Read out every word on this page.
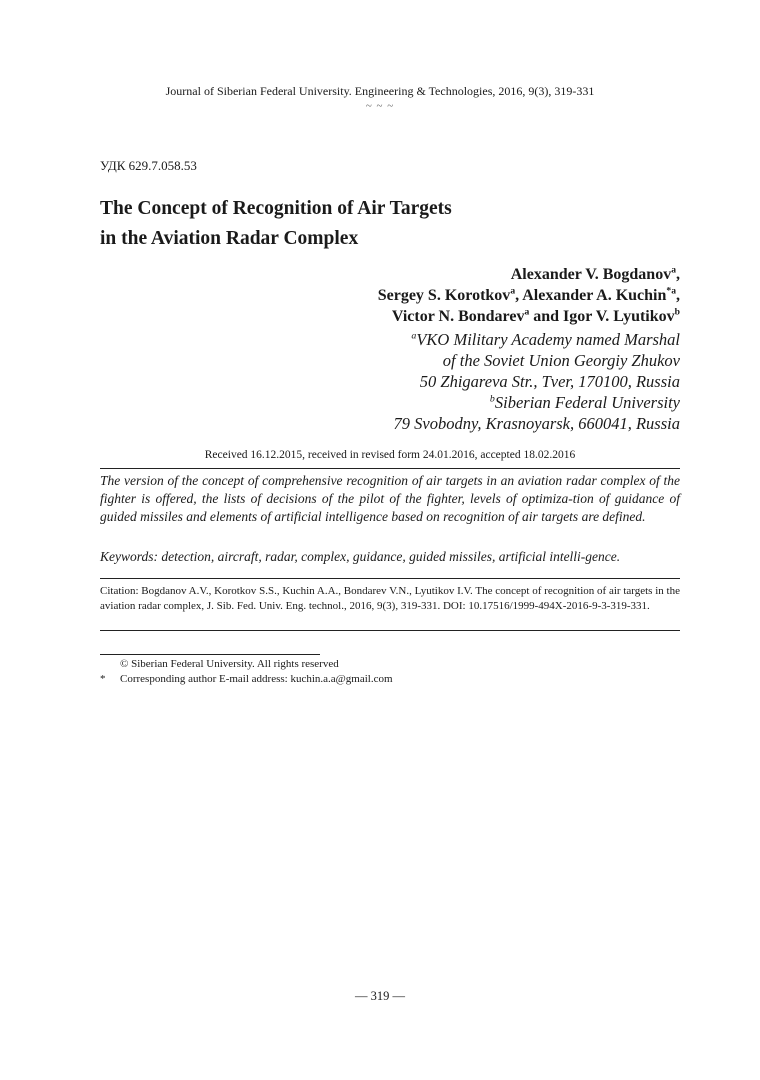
Journal of Siberian Federal University. Engineering & Technologies, 2016, 9(3), 319-331
~ ~ ~
УДК 629.7.058.53
The Concept of Recognition of Air Targets
in the Aviation Radar Complex
Alexander V. Bogdanov$^a$,
Sergey S. Korotkov$^a$, Alexander A. Kuchin$^{*a}$,
Victor N. Bondarev$^a$ and Igor V. Lyutikov$^b$
$^a$VKO Military Academy named Marshal
of the Soviet Union Georgiy Zhukov
50 Zhigareva Str., Tver, 170100, Russia
$^b$Siberian Federal University
79 Svobodny, Krasnoyarsk, 660041, Russia
Received 16.12.2015, received in revised form 24.01.2016, accepted 18.02.2016
The version of the concept of comprehensive recognition of air targets in an aviation radar complex of the fighter is offered, the lists of decisions of the pilot of the fighter, levels of optimiza-tion of guidance of guided missiles and elements of artificial intelligence based on recognition of air targets are defined.
Keywords: detection, aircraft, radar, complex, guidance, guided missiles, artificial intelli-gence.
Citation: Bogdanov A.V., Korotkov S.S., Kuchin A.A., Bondarev V.N., Lyutikov I.V. The concept of recognition of air targets in the aviation radar complex, J. Sib. Fed. Univ. Eng. technol., 2016, 9(3), 319-331. DOI: 10.17516/1999-494X-2016-9-3-319-331.
© Siberian Federal University. All rights reserved
* Corresponding author E-mail address: kuchin.a.a@gmail.com
— 319 —
